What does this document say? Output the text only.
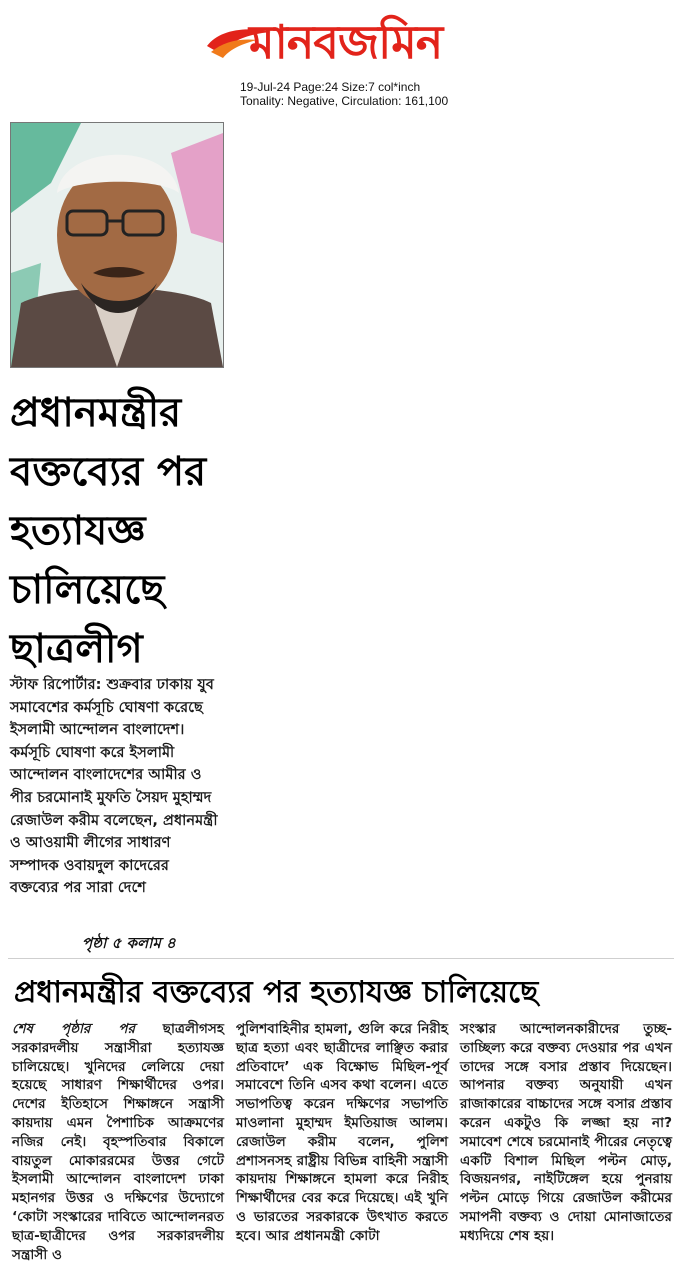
মানবজমিন
19-Jul-24 Page:24 Size:7 col*inch
Tonality: Negative, Circulation: 161,100
প্রধানমন্ত্রীর
বক্তব্যের পর
হত্যাযজ্ঞ
চালিয়েছে
ছাত্রলীগ
স্টাফ রিপোর্টার: শুক্রবার ঢাকায় যুব সমাবেশের কর্মসূচি ঘোষণা করেছে ইসলামী আন্দোলন বাংলাদেশ। কর্মসূচি ঘোষণা করে ইসলামী আন্দোলন বাংলাদেশের আমীর ও পীর চরমোনাই মুফতি সৈয়দ মুহাম্মদ রেজাউল করীম বলেছেন, প্রধানমন্ত্রী ও আওয়ামী লীগের সাধারণ সম্পাদক ওবায়দুল কাদেরের বক্তব্যের পর সারা দেশে
পৃষ্ঠা ৫ কলাম ৪
প্রধানমন্ত্রীর বক্তব্যের পর হত্যাযজ্ঞ চালিয়েছে
শেষ পৃষ্ঠার পর ছাত্রলীগসহ সরকারদলীয় সন্ত্রাসীরা হত্যাযজ্ঞ চালিয়েছে। খুনিদের লেলিয়ে দেয়া হয়েছে সাধারণ শিক্ষার্থীদের ওপর। দেশের ইতিহাসে শিক্ষাঙ্গনে সন্ত্রাসী কায়দায় এমন পৈশাচিক আক্রমণের নজির নেই। বৃহস্পতিবার বিকালে বায়তুল মোকাররমের উত্তর গেটে ইসলামী আন্দোলন বাংলাদেশ ঢাকা মহানগর উত্তর ও দক্ষিণের উদ্যোগে ‘কোটা সংস্কারের দাবিতে আন্দোলনরত ছাত্র-ছাত্রীদের ওপর সরকারদলীয় সন্ত্রাসী ও
পুলিশবাহিনীর হামলা, গুলি করে নিরীহ ছাত্র হত্যা এবং ছাত্রীদের লাঞ্ছিত করার প্রতিবাদে’ এক বিক্ষোভ মিছিল-পূর্ব সমাবেশে তিনি এসব কথা বলেন। এতে সভাপতিত্ব করেন দক্ষিণের সভাপতি মাওলানা মুহাম্মদ ইমতিয়াজ আলম। রেজাউল করীম বলেন, পুলিশ প্রশাসনসহ রাষ্ট্রীয় বিভিন্ন বাহিনী সন্ত্রাসী কায়দায় শিক্ষাঙ্গনে হামলা করে নিরীহ শিক্ষার্থীদের বের করে দিয়েছে। এই খুনি ও ভারতের সরকারকে উৎখাত করতে হবে। আর প্রধানমন্ত্রী কোটা
সংস্কার আন্দোলনকারীদের তুচ্ছ-তাচ্ছিল্য করে বক্তব্য দেওয়ার পর এখন তাদের সঙ্গে বসার প্রস্তাব দিয়েছেন। আপনার বক্তব্য অনুযায়ী এখন রাজাকারের বাচ্চাদের সঙ্গে বসার প্রস্তাব করেন একটুও কি লজ্জা হয় না? সমাবেশ শেষে চরমোনাই পীরের নেতৃত্বে একটি বিশাল মিছিল পল্টন মোড়, বিজয়নগর, নাইটিঙ্গেল হয়ে পুনরায় পল্টন মোড়ে গিয়ে রেজাউল করীমের সমাপনী বক্তব্য ও দোয়া মোনাজাতের মধ্যদিয়ে শেষ হয়।
